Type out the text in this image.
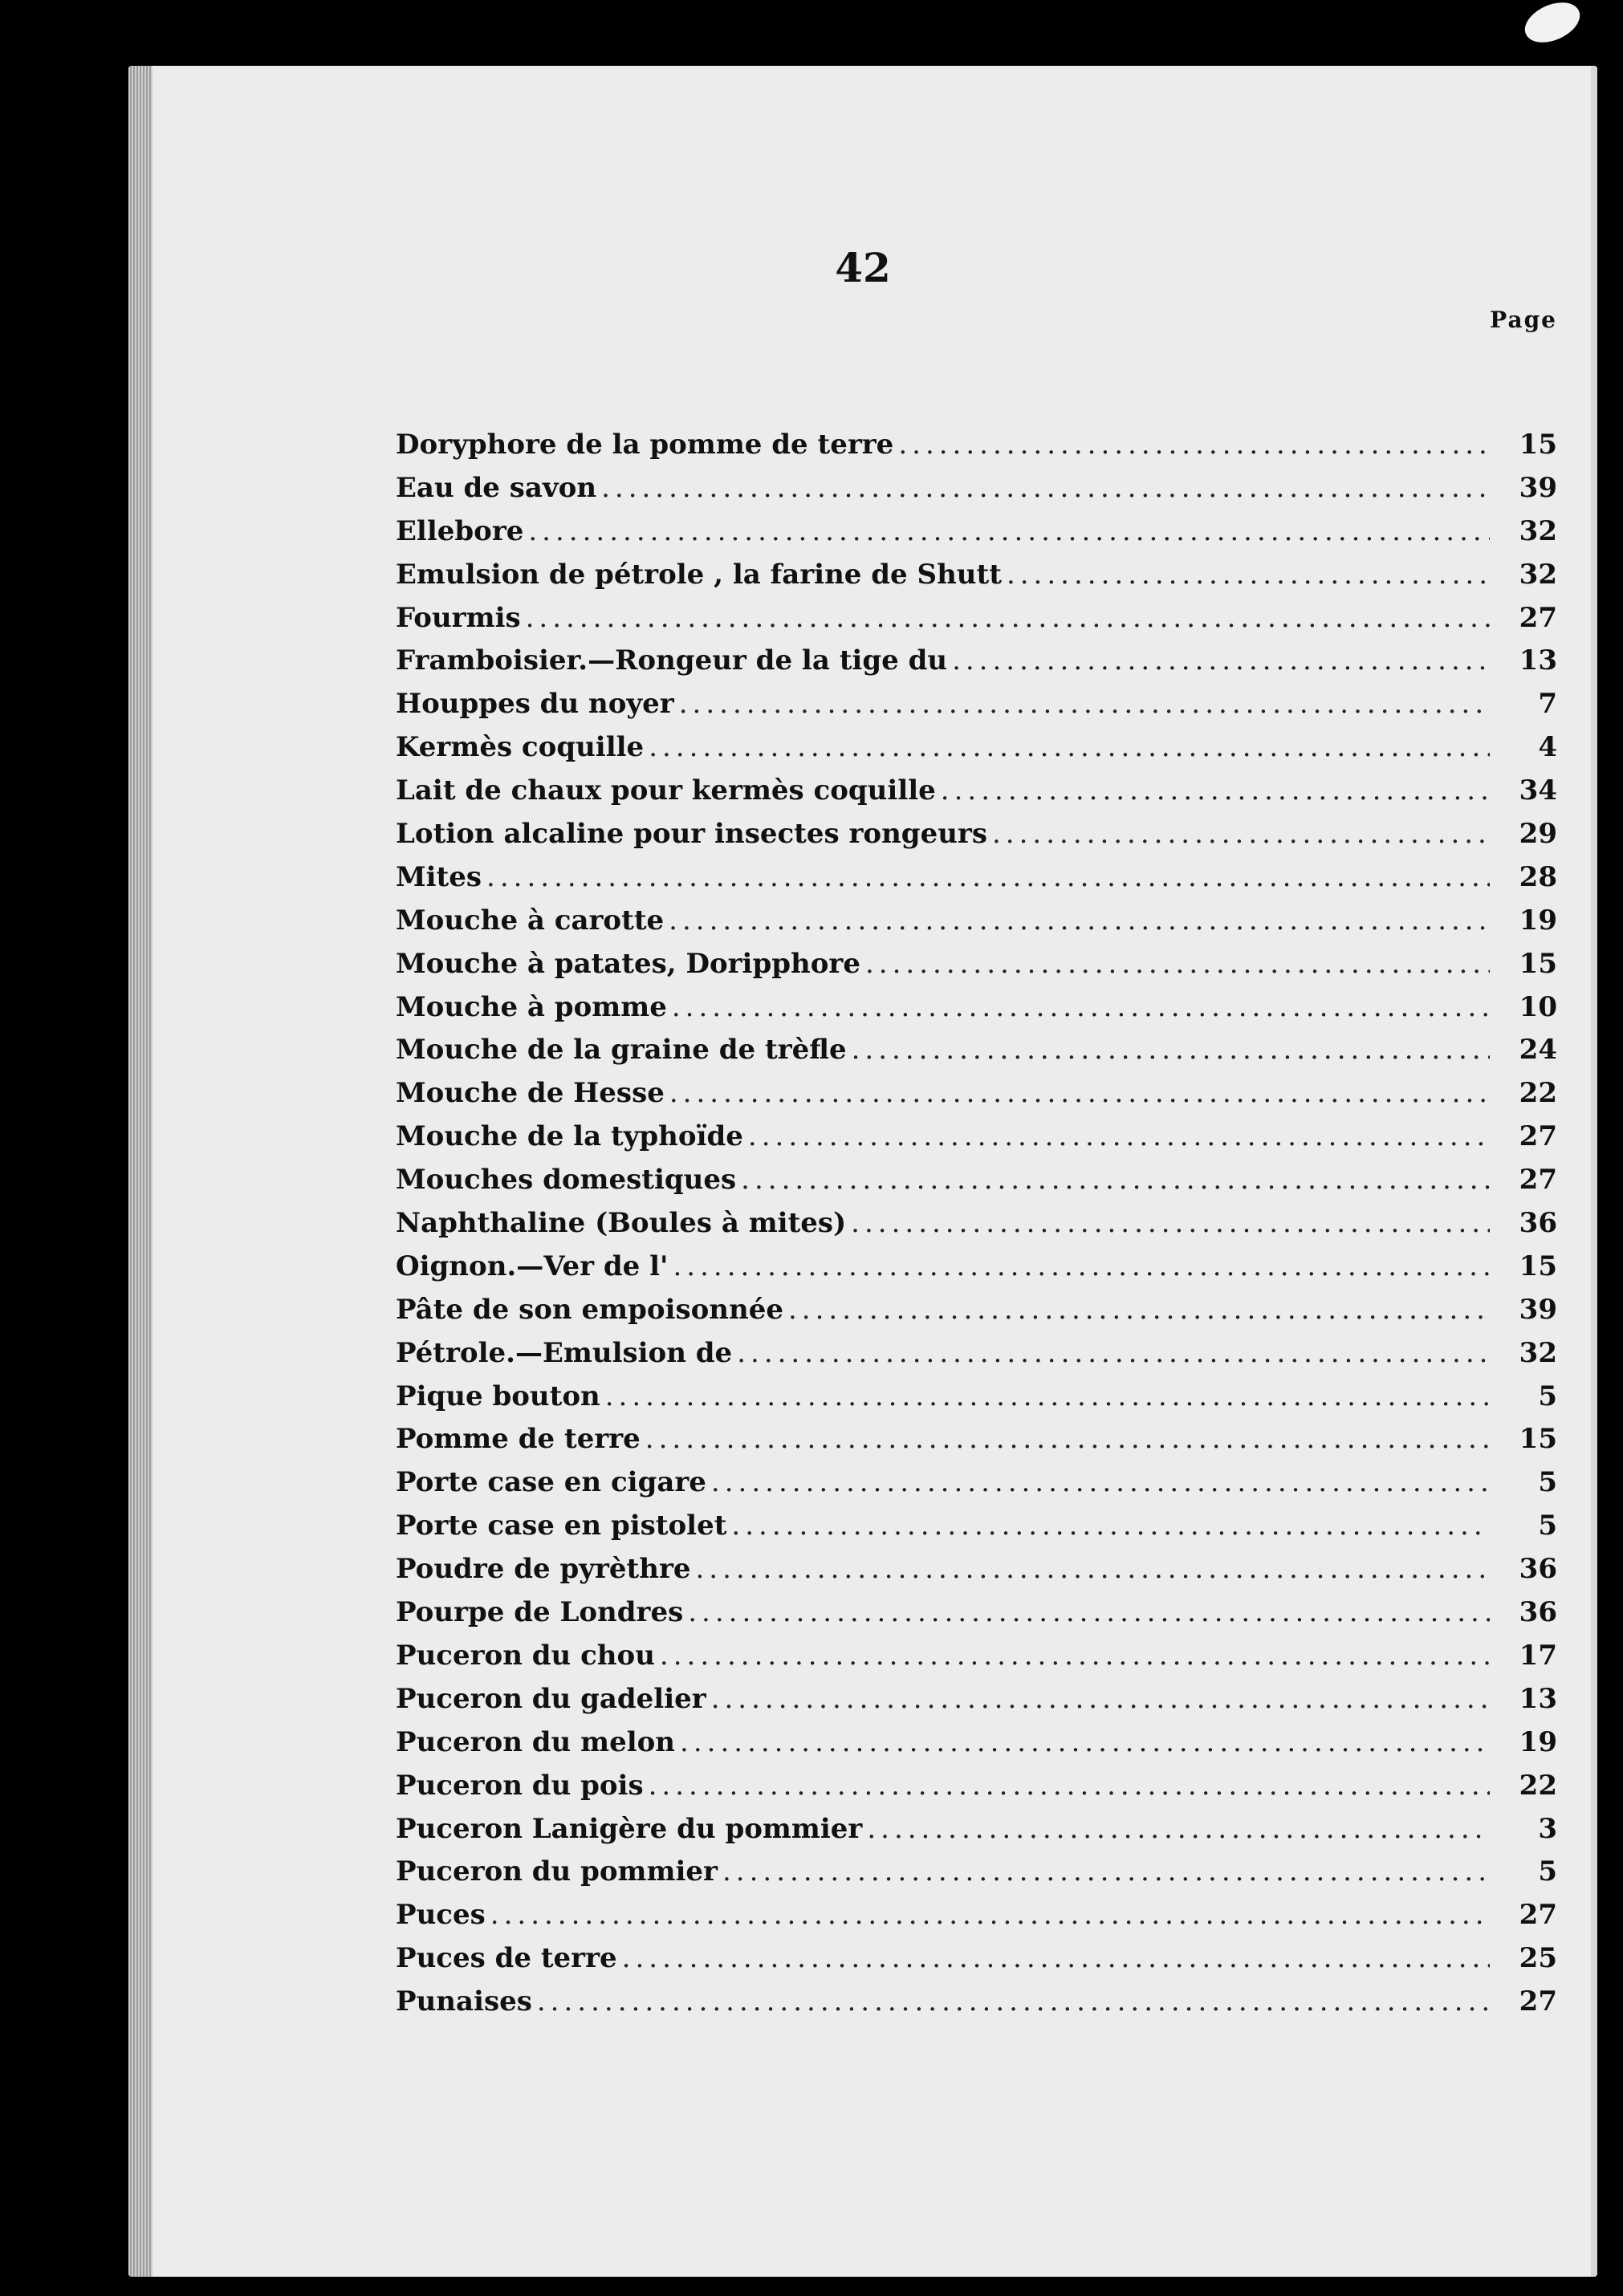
42
Page
Doryphore de la pomme de terre .....	15
Eau de savon .....	39
Ellebore .....	32
Emulsion de pétrole , la farine de Shutt .....	32
Fourmis .....	27
Framboisier.—Rongeur de la tige du .....	13
Houppes du noyer .....	7
Kermès coquille .....	4
Lait de chaux pour kermès coquille .....	34
Lotion alcaline pour insectes rongeurs .....	29
Mites .....	28
Mouche à carotte .....	19
Mouche à patates, Doripphore .....	15
Mouche à pomme .....	10
Mouche de la graine de trèfle .....	24
Mouche de Hesse .....	22
Mouche de la typhoïde .....	27
Mouches domestiques .....	27
Naphthaline (Boules à mites) .....	36
Oignon.—Ver de l' .....	15
Pâte de son empoisonnée .....	39
Pétrole.—Emulsion de .....	32
Pique bouton .....	5
Pomme de terre .....	15
Porte case en cigare .....	5
Porte case en pistolet .....	5
Poudre de pyrèthre .....	36
Pourpe de Londres .....	36
Puceron du chou .....	17
Puceron du gadelier .....	13
Puceron du melon .....	19
Puceron du pois .....	22
Puceron Lanigère du pommier .....	3
Puceron du pommier .....	5
Puces .....	27
Puces de terre .....	25
Punaises .....	27
